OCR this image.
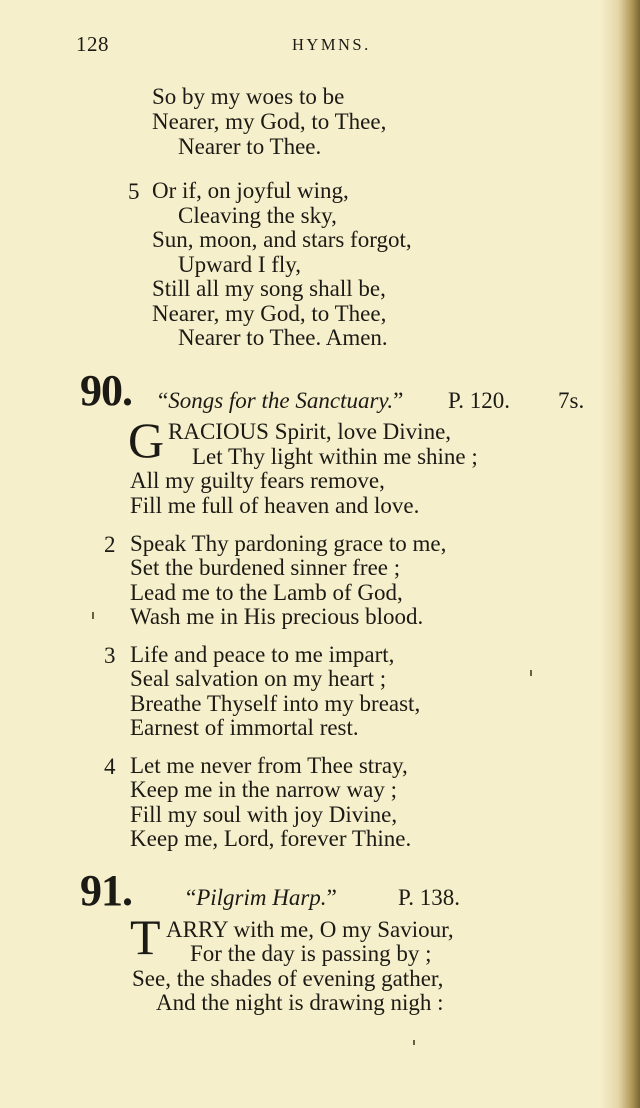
128	HYMNS.
So by my woes to be
Nearer, my God, to Thee,
Nearer to Thee.
5 Or if, on joyful wing,
Cleaving the sky,
Sun, moon, and stars forgot,
Upward I fly,
Still all my song shall be,
Nearer, my God, to Thee,
Nearer to Thee. Amen.
90. “Songs for the Sanctuary.” P. 120. 7s.
G RACIOUS Spirit, love Divine,
Let Thy light within me shine ;
All my guilty fears remove,
Fill me full of heaven and love.
2 Speak Thy pardoning grace to me,
Set the burdened sinner free ;
Lead me to the Lamb of God,
Wash me in His precious blood.
3 Life and peace to me impart,
Seal salvation on my heart ;
Breathe Thyself into my breast,
Earnest of immortal rest.
4 Let me never from Thee stray,
Keep me in the narrow way ;
Fill my soul with joy Divine,
Keep me, Lord, forever Thine.
91. “Pilgrim Harp.”	P. 138.
T ARRY with me, O my Saviour,
For the day is passing by ;
See, the shades of evening gather,
And the night is drawing nigh :
